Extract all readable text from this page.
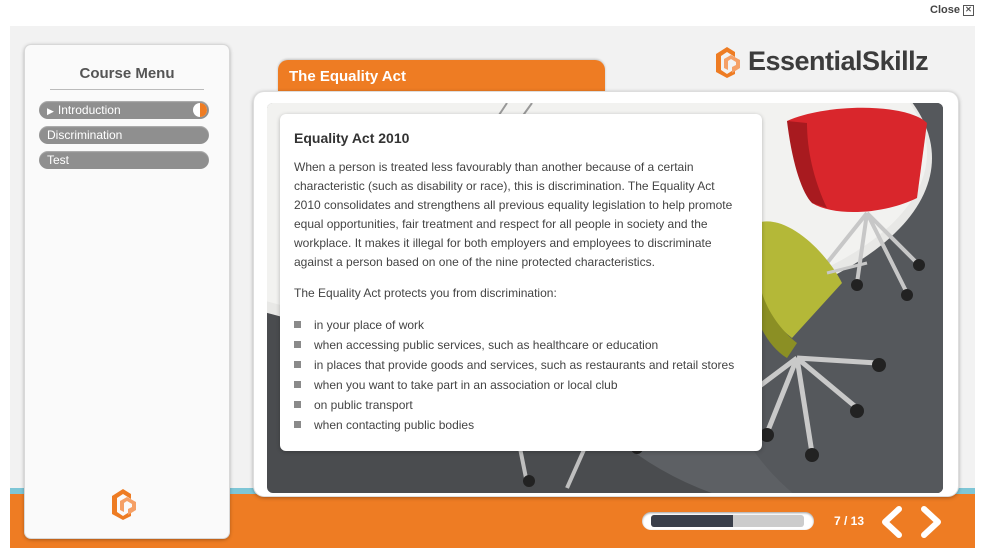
Close ✕
Course Menu
▶ Introduction
Discrimination
Test
The Equality Act
EssentialSkillz
Equality Act 2010

When a person is treated less favourably than another because of a certain characteristic (such as disability or race), this is discrimination. The Equality Act 2010 consolidates and strengthens all previous equality legislation to help promote equal opportunities, fair treatment and respect for all people in society and the workplace. It makes it illegal for both employers and employees to discriminate against a person based on one of the nine protected characteristics.

The Equality Act protects you from discrimination:

in your place of work
when accessing public services, such as healthcare or education
in places that provide goods and services, such as restaurants and retail stores
when you want to take part in an association or local club
on public transport
when contacting public bodies
7 / 13
